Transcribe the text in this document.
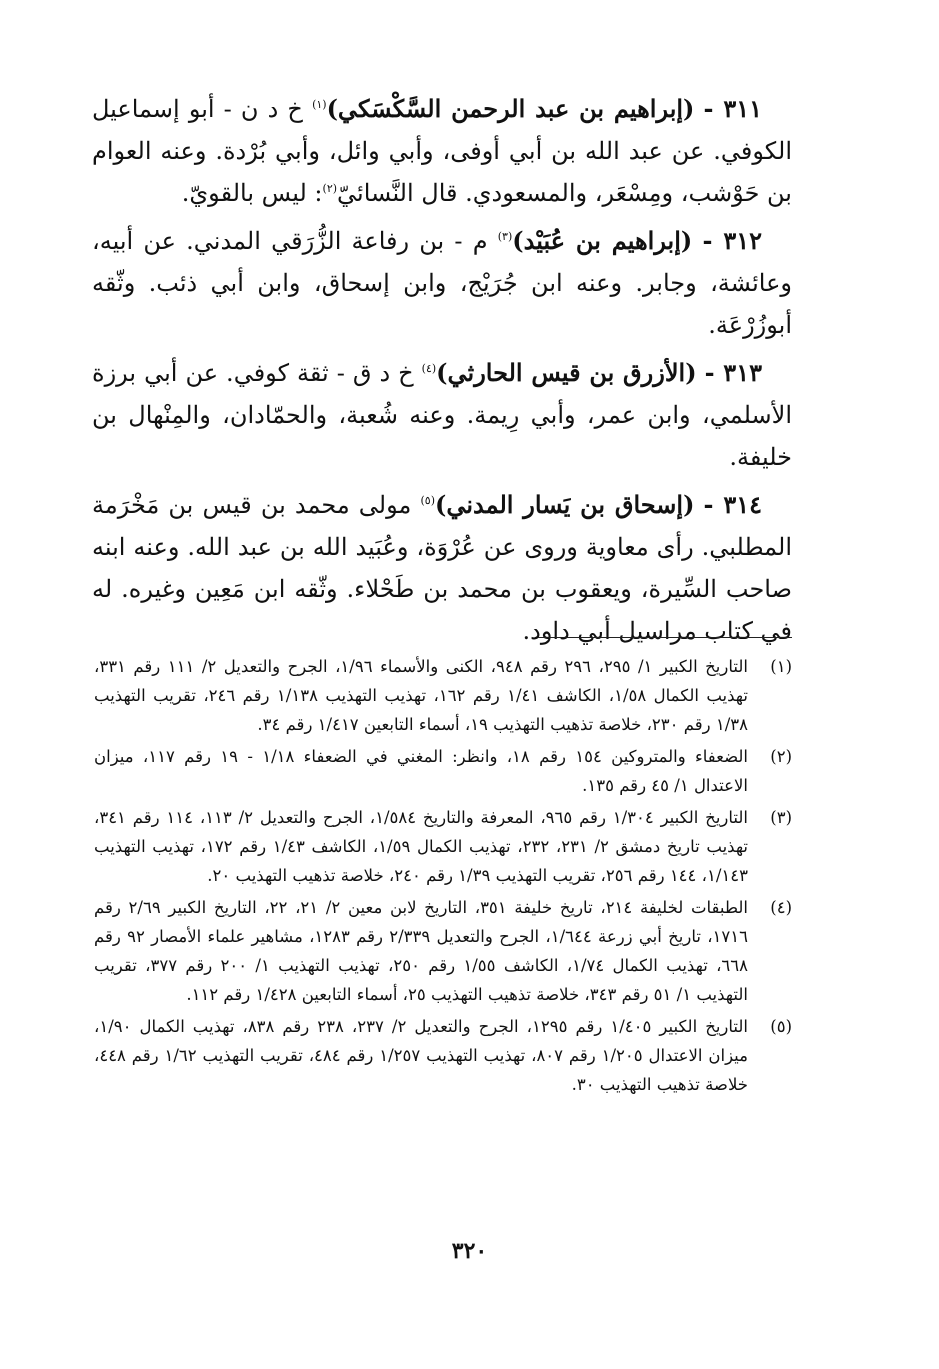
٣١١ - (إبراهيم بن عبد الرحمن السَّكْسَكي)$^{(١)}$ خ د ن - أبو إسماعيل الكوفي. عن عبد الله بن أبي أوفى، وأبي وائل، وأبي بُرْدة. وعنه العوام بن حَوْشب، ومِسْعَر، والمسعودي. قال النَّسائيّ$^{(٢)}$: ليس بالقويّ.

٣١٢ - (إبراهيم بن عُبَيْد)$^{(٣)}$ م - بن رفاعة الزُّرَقي المدني. عن أبيه، وعائشة، وجابر. وعنه ابن جُرَيْج، وابن إسحاق، وابن أبي ذئب. وثّقه أبوزُرْعَة.

٣١٣ - (الأزرق بن قيس الحارثي)$^{(٤)}$ خ د ق - ثقة كوفي. عن أبي برزة الأسلمي، وابن عمر، وأبي رِيمة. وعنه شُعبة، والحمّادان، والمِنْهال بن خليفة.

٣١٤ - (إسحاق بن يَسار المدني)$^{(٥)}$ مولى محمد بن قيس بن مَخْرَمة المطلبي. رأى معاوية وروى عن عُرْوَة، وعُبَيد الله بن عبد الله. وعنه ابنه صاحب السِّيرة، ويعقوب بن محمد بن طَحْلاء. وثّقه ابن مَعِين وغيره. له في كتاب مراسيل أبي داود.

(١)
التاريخ الكبير ١/ ٢٩٥، ٢٩٦ رقم ٩٤٨، الكنى والأسماء ١/٩٦، الجرح والتعديل ٢/ ١١١ رقم ٣٣١، تهذيب الكمال ١/٥٨، الكاشف ١/٤١ رقم ١٦٢، تهذيب التهذيب ١/١٣٨ رقم ٢٤٦، تقريب التهذيب ١/٣٨ رقم ٢٣٠، خلاصة تذهيب التهذيب ١٩، أسماء التابعين ١/٤١٧ رقم ٣٤.
(٢)
الضعفاء والمتروكين ١٥٤ رقم ١٨، وانظر: المغني في الضعفاء ١/١٨ - ١٩ رقم ١١٧، ميزان الاعتدال ١/ ٤٥ رقم ١٣٥.
(٣)
التاريخ الكبير ١/٣٠٤ رقم ٩٦٥، المعرفة والتاريخ ١/٥٨٤، الجرح والتعديل ٢/ ١١٣، ١١٤ رقم ٣٤١، تهذيب تاريخ دمشق ٢/ ٢٣١، ٢٣٢، تهذيب الكمال ١/٥٩، الكاشف ١/٤٣ رقم ١٧٢، تهذيب التهذيب ١/١٤٣، ١٤٤ رقم ٢٥٦، تقريب التهذيب ١/٣٩ رقم ٢٤٠، خلاصة تذهيب التهذيب ٢٠.
(٤)
الطبقات لخليفة ٢١٤، تاريخ خليفة ٣٥١، التاريخ لابن معين ٢/ ٢١، ٢٢، التاريخ الكبير ٢/٦٩ رقم ١٧١٦، تاريخ أبي زرعة ١/٦٤٤، الجرح والتعديل ٢/٣٣٩ رقم ١٢٨٣، مشاهير علماء الأمصار ٩٢ رقم ٦٦٨، تهذيب الكمال ١/٧٤، الكاشف ١/٥٥ رقم ٢٥٠، تهذيب التهذيب ١/ ٢٠٠ رقم ٣٧٧، تقريب التهذيب ١/ ٥١ رقم ٣٤٣، خلاصة تذهيب التهذيب ٢٥، أسماء التابعين ١/٤٢٨ رقم ١١٢.
(٥)
التاريخ الكبير ١/٤٠٥ رقم ١٢٩٥، الجرح والتعديل ٢/ ٢٣٧، ٢٣٨ رقم ٨٣٨، تهذيب الكمال ١/٩٠، ميزان الاعتدال ١/٢٠٥ رقم ٨٠٧، تهذيب التهذيب ١/٢٥٧ رقم ٤٨٤، تقريب التهذيب ١/٦٢ رقم ٤٤٨، خلاصة تذهيب التهذيب ٣٠.
٣٢٠
